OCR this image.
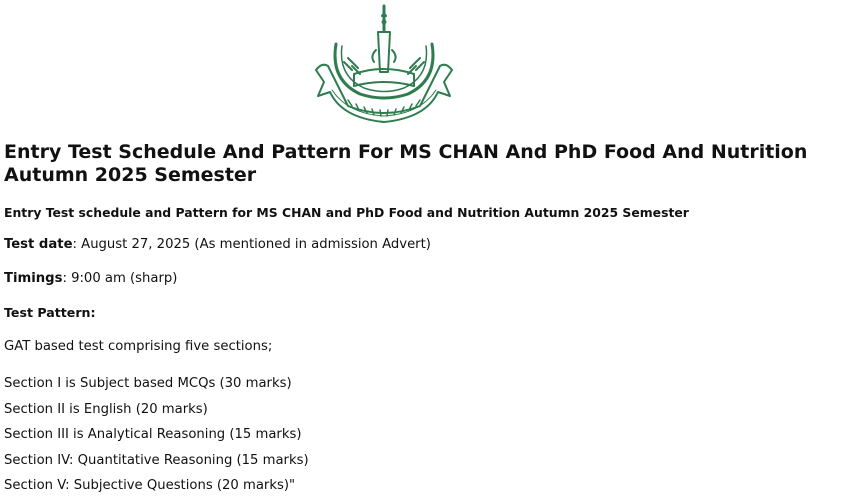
Entry Test Schedule And Pattern For MS CHAN And PhD Food And Nutrition Autumn 2025 Semester

Entry Test schedule and Pattern for MS CHAN and PhD Food and Nutrition Autumn 2025 Semester

Test date: August 27, 2025 (As mentioned in admission Advert)

Timings: 9:00 am (sharp)

Test Pattern:

GAT based test comprising five sections;

Section I is Subject based MCQs (30 marks)
Section II is English (20 marks)
Section III is Analytical Reasoning (15 marks)
Section IV: Quantitative Reasoning (15 marks)
Section V: Subjective Questions (20 marks)"
